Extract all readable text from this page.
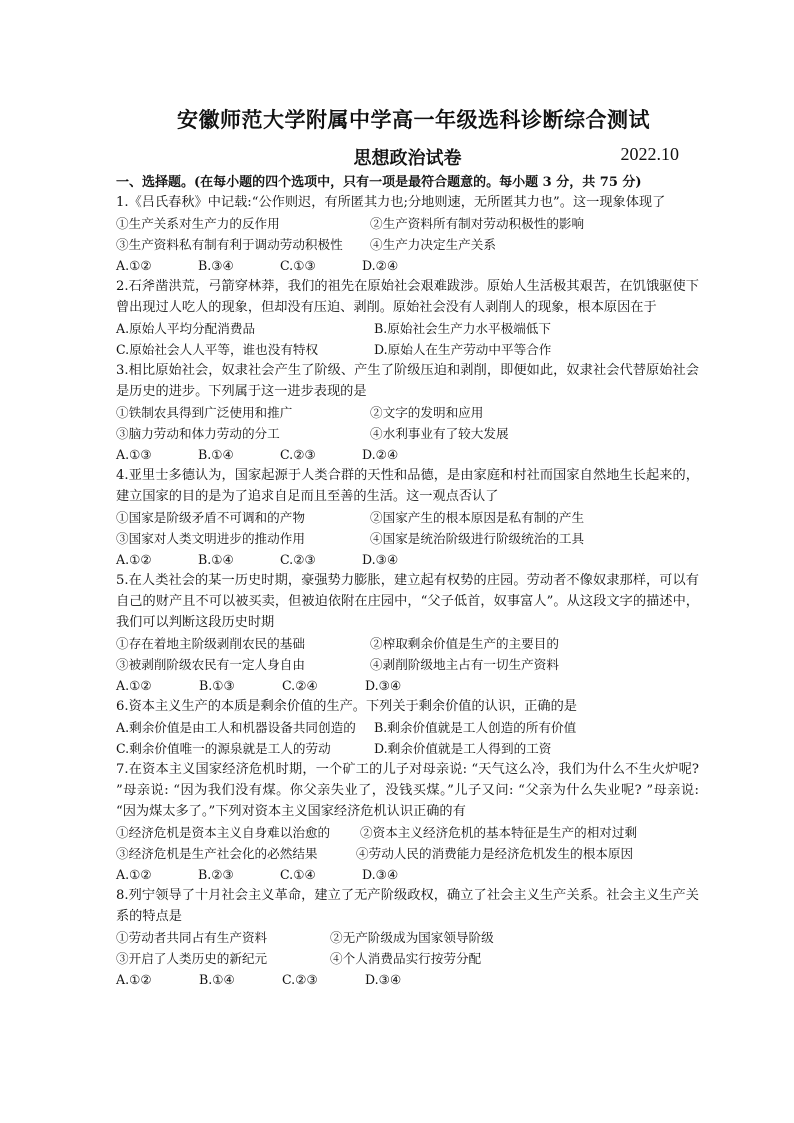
安徽师范大学附属中学高一年级选科诊断综合测试
思想政治试卷	2022.10
一、选择题。(在每小题的四个选项中，只有一项是最符合题意的。每小题 3 分，共 75 分)
1.《吕氏春秋》中记载:“公作则迟，有所匿其力也;分地则速，无所匿其力也”。这一现象体现了
①生产关系对生产力的反作用	②生产资料所有制对劳动积极性的影响
③生产资料私有制有利于调动劳动积极性	④生产力决定生产关系
A.①②	B.③④	C.①③	D.②④
2.石斧凿洪荒，弓箭穿林莽，我们的祖先在原始社会艰难跋涉。原始人生活极其艰苦，在饥饿驱使下曾出现过人吃人的现象，但却没有压迫、剥削。原始社会没有人剥削人的现象，根本原因在于
A.原始人平均分配消费品	B.原始社会生产力水平极端低下
C.原始社会人人平等，谁也没有特权	D.原始人在生产劳动中平等合作
3.相比原始社会，奴隶社会产生了阶级、产生了阶级压迫和剥削，即便如此，奴隶社会代替原始社会是历史的进步。下列属于这一进步表现的是
①铁制农具得到广泛使用和推广	②文字的发明和应用
③脑力劳动和体力劳动的分工	④水利事业有了较大发展
A.①③	B.①④	C.②③	D.②④
4.亚里士多德认为，国家起源于人类合群的天性和品德，是由家庭和村社而国家自然地生长起来的，建立国家的目的是为了追求自足而且至善的生活。这一观点否认了
①国家是阶级矛盾不可调和的产物	②国家产生的根本原因是私有制的产生
③国家对人类文明进步的推动作用	④国家是统治阶级进行阶级统治的工具
A.①②	B.①④	C.②③	D.③④
5.在人类社会的某一历史时期，豪强势力膨胀，建立起有权势的庄园。劳动者不像奴隶那样，可以有自己的财产且不可以被买卖，但被迫依附在庄园中，“父子低首，奴事富人”。从这段文字的描述中，我们可以判断这段历史时期
①存在着地主阶级剥削农民的基础	②榨取剩余价值是生产的主要目的
③被剥削阶级农民有一定人身自由	④剥削阶级地主占有一切生产资料
A.①②	B.①③	C.②④	D.③④
6.资本主义生产的本质是剩余价值的生产。下列关于剩余价值的认识，正确的是
A.剩余价值是由工人和机器设备共同创造的	B.剩余价值就是工人创造的所有价值
C.剩余价值唯一的源泉就是工人的劳动	D.剩余价值就是工人得到的工资
7.在资本主义国家经济危机时期，一个矿工的儿子对母亲说: “天气这么冷，我们为什么不生火炉呢? ”母亲说: “因为我们没有煤。你父亲失业了，没钱买煤。”儿子又问: “父亲为什么失业呢? ”母亲说: “因为煤太多了。”下列对资本主义国家经济危机认识正确的有
①经济危机是资本主义自身难以治愈的	②资本主义经济危机的基本特征是生产的相对过剩
③经济危机是生产社会化的必然结果	④劳动人民的消费能力是经济危机发生的根本原因
A.①②	B.②③	C.①④	D.③④
8.列宁领导了十月社会主义革命，建立了无产阶级政权，确立了社会主义生产关系。社会主义生产关系的特点是
①劳动者共同占有生产资料	②无产阶级成为国家领导阶级
③开启了人类历史的新纪元	④个人消费品实行按劳分配
A.①②	B.①④	C.②③	D.③④
